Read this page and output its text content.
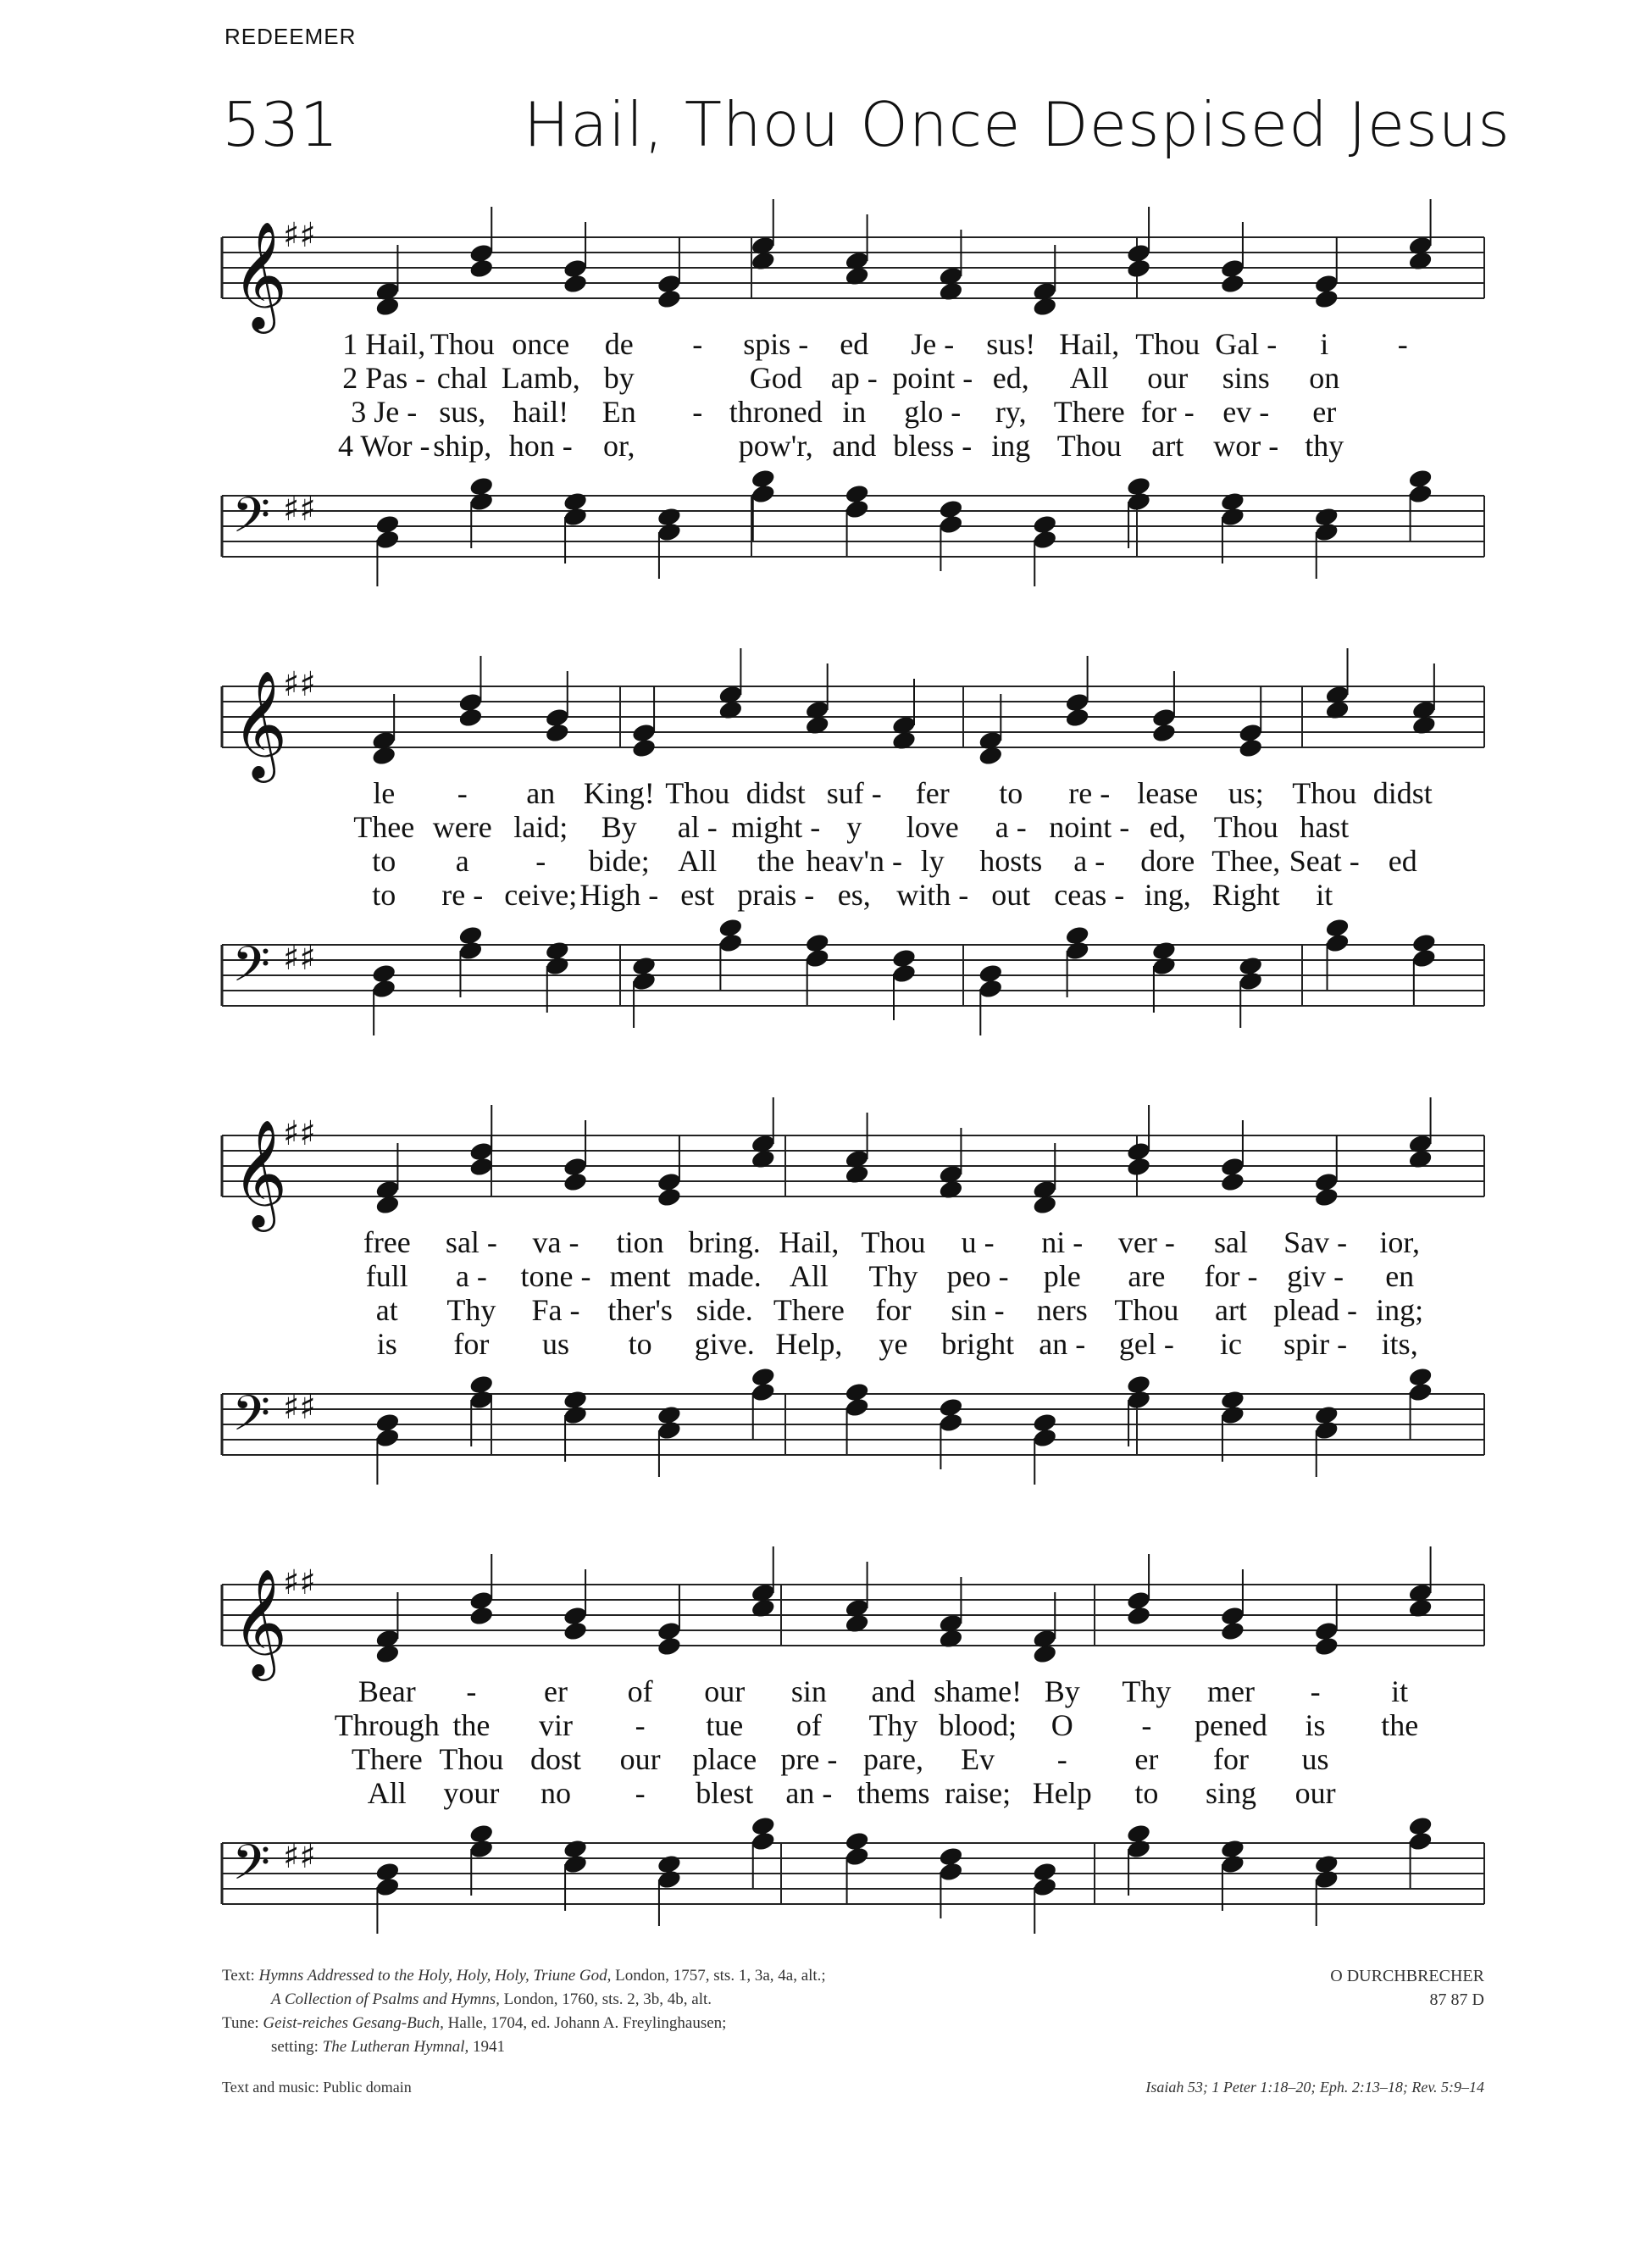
REDEEMER
531	Hail, Thou Once Despised Jesus
𝄞
♯♯
1 Hail, Thou once de - spis - ed Je - sus! Hail, Thou Gal - i -
2 Pas - chal Lamb, by	God ap - point - ed, All our sins on
3 Je - sus, hail! En - throned in glo - ry, There for - ev - er
4 Wor - ship, hon - or,	pow'r, and bless - ing Thou art wor - thy
𝄢 ♯♯
𝄞
♯♯
le - an King! Thou didst suf - fer to re - lease us; Thou didst
Thee were laid; By al - might - y love a - noint - ed, Thou hast
to a - bide; All the heav'n - ly hosts a - dore Thee, Seat - ed
to re - ceive; High - est prais - es, with - out ceas - ing, Right it
𝄢 ♯♯
𝄞
♯♯
free sal - va - tion bring. Hail, Thou u - ni - ver - sal Sav - ior,
full a - tone - ment made. All Thy peo - ple are for - giv - en
at Thy Fa - ther's side. There for sin - ners Thou art plead - ing;
is for us to give. Help, ye bright an - gel - ic spir - its,
𝄢 ♯♯
𝄞
♯♯
Bear - er of our sin and shame! By Thy mer - it
Through the vir - tue of Thy blood; O - pened is the
There Thou dost our place pre - pare, Ev - er for us
All your no - blest an - thems raise; Help to sing our
𝄢 ♯♯
Text: Hymns Addressed to the Holy, Holy, Holy, Triune God, London, 1757, sts. 1, 3a, 4a, alt.;
A Collection of Psalms and Hymns, London, 1760, sts. 2, 3b, 4b, alt.
Tune: Geist-reiches Gesang-Buch, Halle, 1704, ed. Johann A. Freylinghausen;
setting: The Lutheran Hymnal, 1941
O DURCHBRECHER
87 87 D
Text and music: Public domain	Isaiah 53; 1 Peter 1:18–20; Eph. 2:13–18; Rev. 5:9–14
